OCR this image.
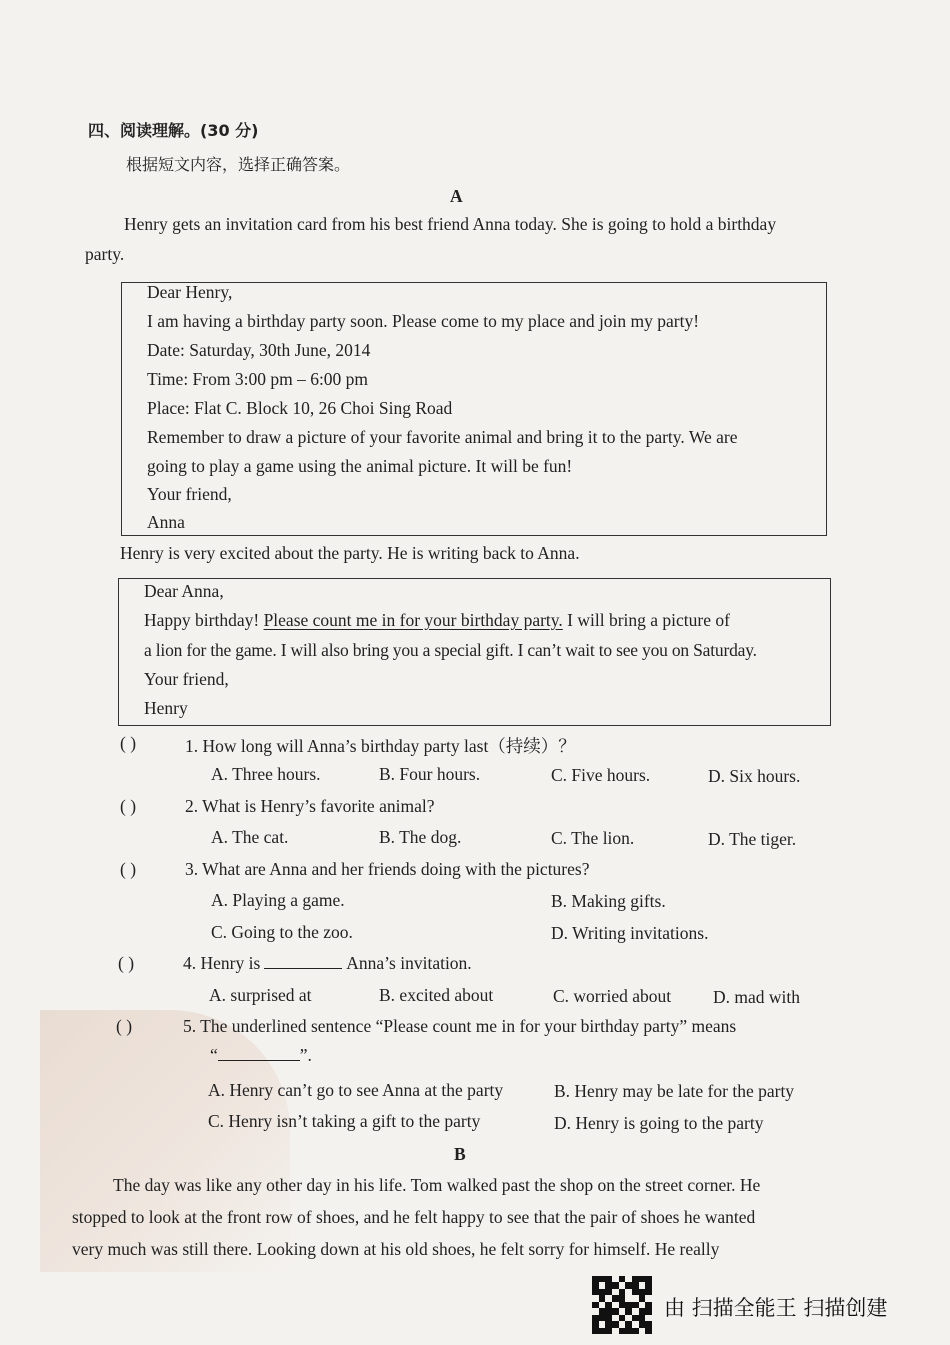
四、阅读理解。(30 分)
根据短文内容，选择正确答案。
A
Henry gets an invitation card from his best friend Anna today. She is going to hold a birthday
party.
Dear Henry,
I am having a birthday party soon. Please come to my place and join my party!
Date: Saturday, 30th June, 2014
Time: From 3:00 pm – 6:00 pm
Place: Flat C. Block 10, 26 Choi Sing Road
Remember to draw a picture of your favorite animal and bring it to the party. We are
going to play a game using the animal picture. It will be fun!
Your friend,
Anna
Henry is very excited about the party. He is writing back to Anna.
Dear Anna,
Happy birthday! Please count me in for your birthday party. I will bring a picture of
a lion for the game. I will also bring you a special gift. I can’t wait to see you on Saturday.
Your friend,
Henry
( )	1. How long will Anna’s birthday party last（持续）？
A. Three hours.	B. Four hours.	C. Five hours.	D. Six hours.
( )	2. What is Henry’s favorite animal?
A. The cat.	B. The dog.	C. The lion.	D. The tiger.
( )	3. What are Anna and her friends doing with the pictures?
A. Playing a game.	B. Making gifts.
C. Going to the zoo.	D. Writing invitations.
( )	4. Henry is	Anna’s invitation.
A. surprised at	B. excited about	C. worried about D. mad with
( )	5. The underlined sentence “Please count me in for your birthday party” means
“	”.
A. Henry can’t go to see Anna at the party	B. Henry may be late for the party
C. Henry isn’t taking a gift to the party	D. Henry is going to the party
B
The day was like any other day in his life. Tom walked past the shop on the street corner. He
stopped to look at the front row of shoes, and he felt happy to see that the pair of shoes he wanted
very much was still there. Looking down at his old shoes, he felt sorry for himself. He really
由 扫描全能王 扫描创建
